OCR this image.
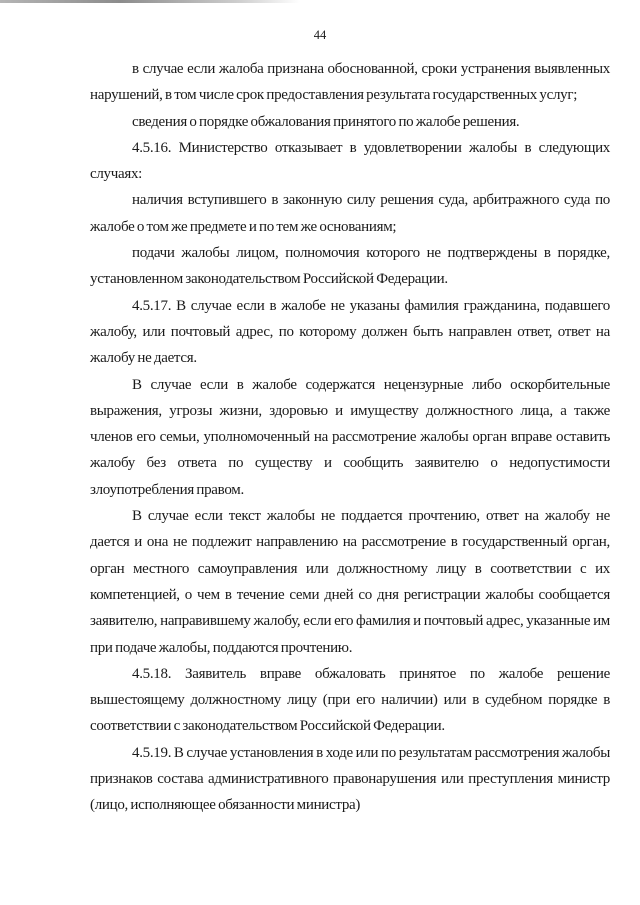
44

в случае если жалоба признана обоснованной, сроки устранения выявленных нарушений, в том числе срок предоставления результата государственных услуг;

сведения о порядке обжалования принятого по жалобе решения.

4.5.16. Министерство отказывает в удовлетворении жалобы в следующих случаях:

наличия вступившего в законную силу решения суда, арбитражного суда по жалобе о том же предмете и по тем же основаниям;

подачи жалобы лицом, полномочия которого не подтверждены в порядке, установленном законодательством Российской Федерации.

4.5.17. В случае если в жалобе не указаны фамилия гражданина, подавшего жалобу, или почтовый адрес, по которому должен быть направлен ответ, ответ на жалобу не дается.

В случае если в жалобе содержатся нецензурные либо оскорбительные выражения, угрозы жизни, здоровью и имуществу должностного лица, а также членов его семьи, уполномоченный на рассмотрение жалобы орган вправе оставить жалобу без ответа по существу и сообщить заявителю о недопустимости злоупотребления правом.

В случае если текст жалобы не поддается прочтению, ответ на жалобу не дается и она не подлежит направлению на рассмотрение в государственный орган, орган местного самоуправления или должностному лицу в соответствии с их компетенцией, о чем в течение семи дней со дня регистрации жалобы сообщается заявителю, направившему жалобу, если его фамилия и почтовый адрес, указанные им при подаче жалобы, поддаются прочтению.

4.5.18. Заявитель вправе обжаловать принятое по жалобе решение вышестоящему должностному лицу (при его наличии) или в судебном порядке в соответствии с законодательством Российской Федерации.

4.5.19. В случае установления в ходе или по результатам рассмотрения жалобы признаков состава административного правонарушения или преступления министр (лицо, исполняющее обязанности министра)
